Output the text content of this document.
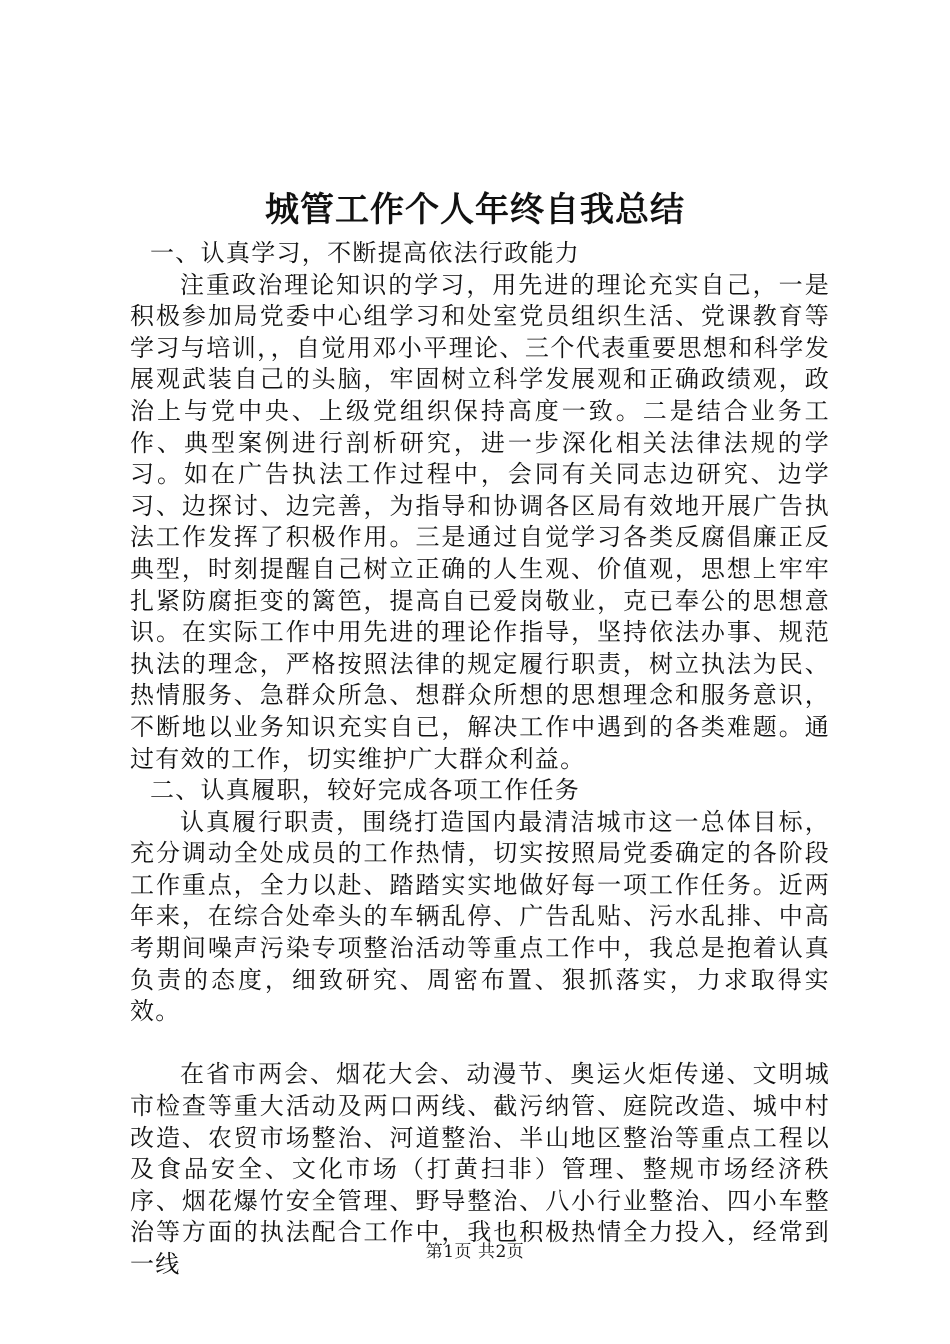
城管工作个人年终自我总结

一、认真学习，不断提高依法行政能力

注重政治理论知识的学习，用先进的理论充实自己，一是积极参加局党委中心组学习和处室党员组织生活、党课教育等学习与培训，，自觉用邓小平理论、三个代表重要思想和科学发展观武装自己的头脑，牢固树立科学发展观和正确政绩观，政治上与党中央、上级党组织保持高度一致。二是结合业务工作、典型案例进行剖析研究，进一步深化相关法律法规的学习。如在广告执法工作过程中，会同有关同志边研究、边学习、边探讨、边完善，为指导和协调各区局有效地开展广告执法工作发挥了积极作用。三是通过自觉学习各类反腐倡廉正反典型，时刻提醒自己树立正确的人生观、价值观，思想上牢牢扎紧防腐拒变的篱笆，提高自已爱岗敬业，克已奉公的思想意识。在实际工作中用先进的理论作指导，坚持依法办事、规范执法的理念，严格按照法律的规定履行职责，树立执法为民、热情服务、急群众所急、想群众所想的思想理念和服务意识，不断地以业务知识充实自已，解决工作中遇到的各类难题。通过有效的工作，切实维护广大群众利益。

二、认真履职，较好完成各项工作任务

认真履行职责，围绕打造国内最清洁城市这一总体目标，充分调动全处成员的工作热情，切实按照局党委确定的各阶段工作重点，全力以赴、踏踏实实地做好每一项工作任务。近两年来，在综合处牵头的车辆乱停、广告乱贴、污水乱排、中高考期间噪声污染专项整治活动等重点工作中，我总是抱着认真负责的态度，细致研究、周密布置、狠抓落实，力求取得实效。

在省市两会、烟花大会、动漫节、奥运火炬传递、文明城市检查等重大活动及两口两线、截污纳管、庭院改造、城中村改造、农贸市场整治、河道整治、半山地区整治等重点工程以及食品安全、文化市场（打黄扫非）管理、整规市场经济秩序、烟花爆竹安全管理、野导整治、八小行业整治、四小车整治等方面的执法配合工作中，我也积极热情全力投入，经常到一线	第1页 共2页
